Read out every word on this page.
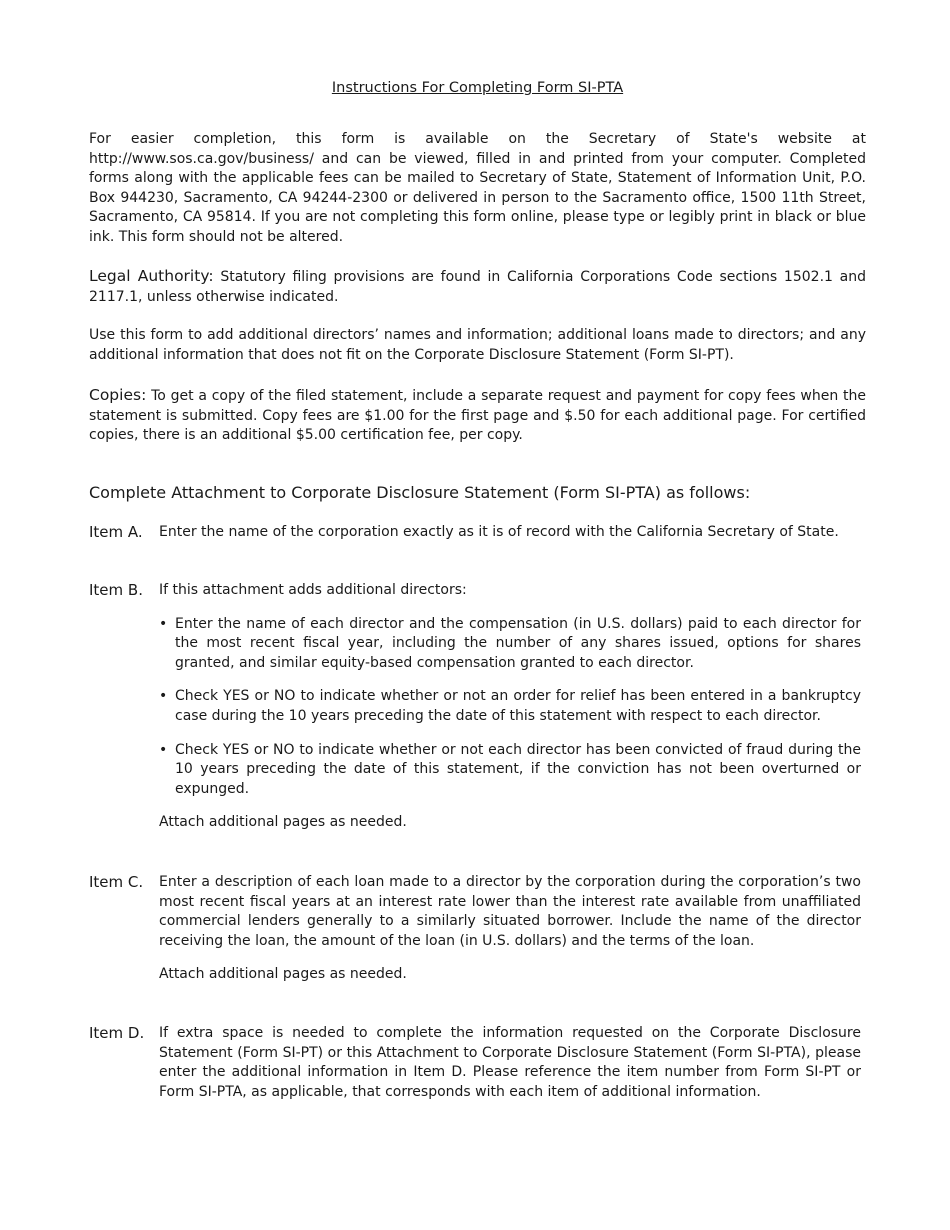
Instructions For Completing Form SI-PTA

For easier completion, this form is available on the Secretary of State's website at http://www.sos.ca.gov/business/ and can be viewed, filled in and printed from your computer. Completed forms along with the applicable fees can be mailed to Secretary of State, Statement of Information Unit, P.O. Box 944230, Sacramento, CA 94244-2300 or delivered in person to the Sacramento office, 1500 11th Street, Sacramento, CA 95814. If you are not completing this form online, please type or legibly print in black or blue ink. This form should not be altered.

Legal Authority: Statutory filing provisions are found in California Corporations Code sections 1502.1 and 2117.1, unless otherwise indicated.

Use this form to add additional directors’ names and information; additional loans made to directors; and any additional information that does not fit on the Corporate Disclosure Statement (Form SI-PT).

Copies: To get a copy of the filed statement, include a separate request and payment for copy fees when the statement is submitted. Copy fees are $1.00 for the first page and $.50 for each additional page. For certified copies, there is an additional $5.00 certification fee, per copy.

Complete Attachment to Corporate Disclosure Statement (Form SI-PTA) as follows:
Item A.	Enter the name of the corporation exactly as it is of record with the California Secretary of State.
Item B.	If this attachment adds additional directors:
• Enter the name of each director and the compensation (in U.S. dollars) paid to each director for the most recent fiscal year, including the number of any shares issued, options for shares granted, and similar equity-based compensation granted to each director.
• Check YES or NO to indicate whether or not an order for relief has been entered in a bankruptcy case during the 10 years preceding the date of this statement with respect to each director.
• Check YES or NO to indicate whether or not each director has been convicted of fraud during the 10 years preceding the date of this statement, if the conviction has not been overturned or expunged.
Attach additional pages as needed.
Item C.	Enter a description of each loan made to a director by the corporation during the corporation’s two most recent fiscal years at an interest rate lower than the interest rate available from unaffiliated commercial lenders generally to a similarly situated borrower. Include the name of the director receiving the loan, the amount of the loan (in U.S. dollars) and the terms of the loan.
Attach additional pages as needed.
Item D.	If extra space is needed to complete the information requested on the Corporate Disclosure Statement (Form SI-PT) or this Attachment to Corporate Disclosure Statement (Form SI-PTA), please enter the additional information in Item D. Please reference the item number from Form SI-PT or Form SI-PTA, as applicable, that corresponds with each item of additional information.
